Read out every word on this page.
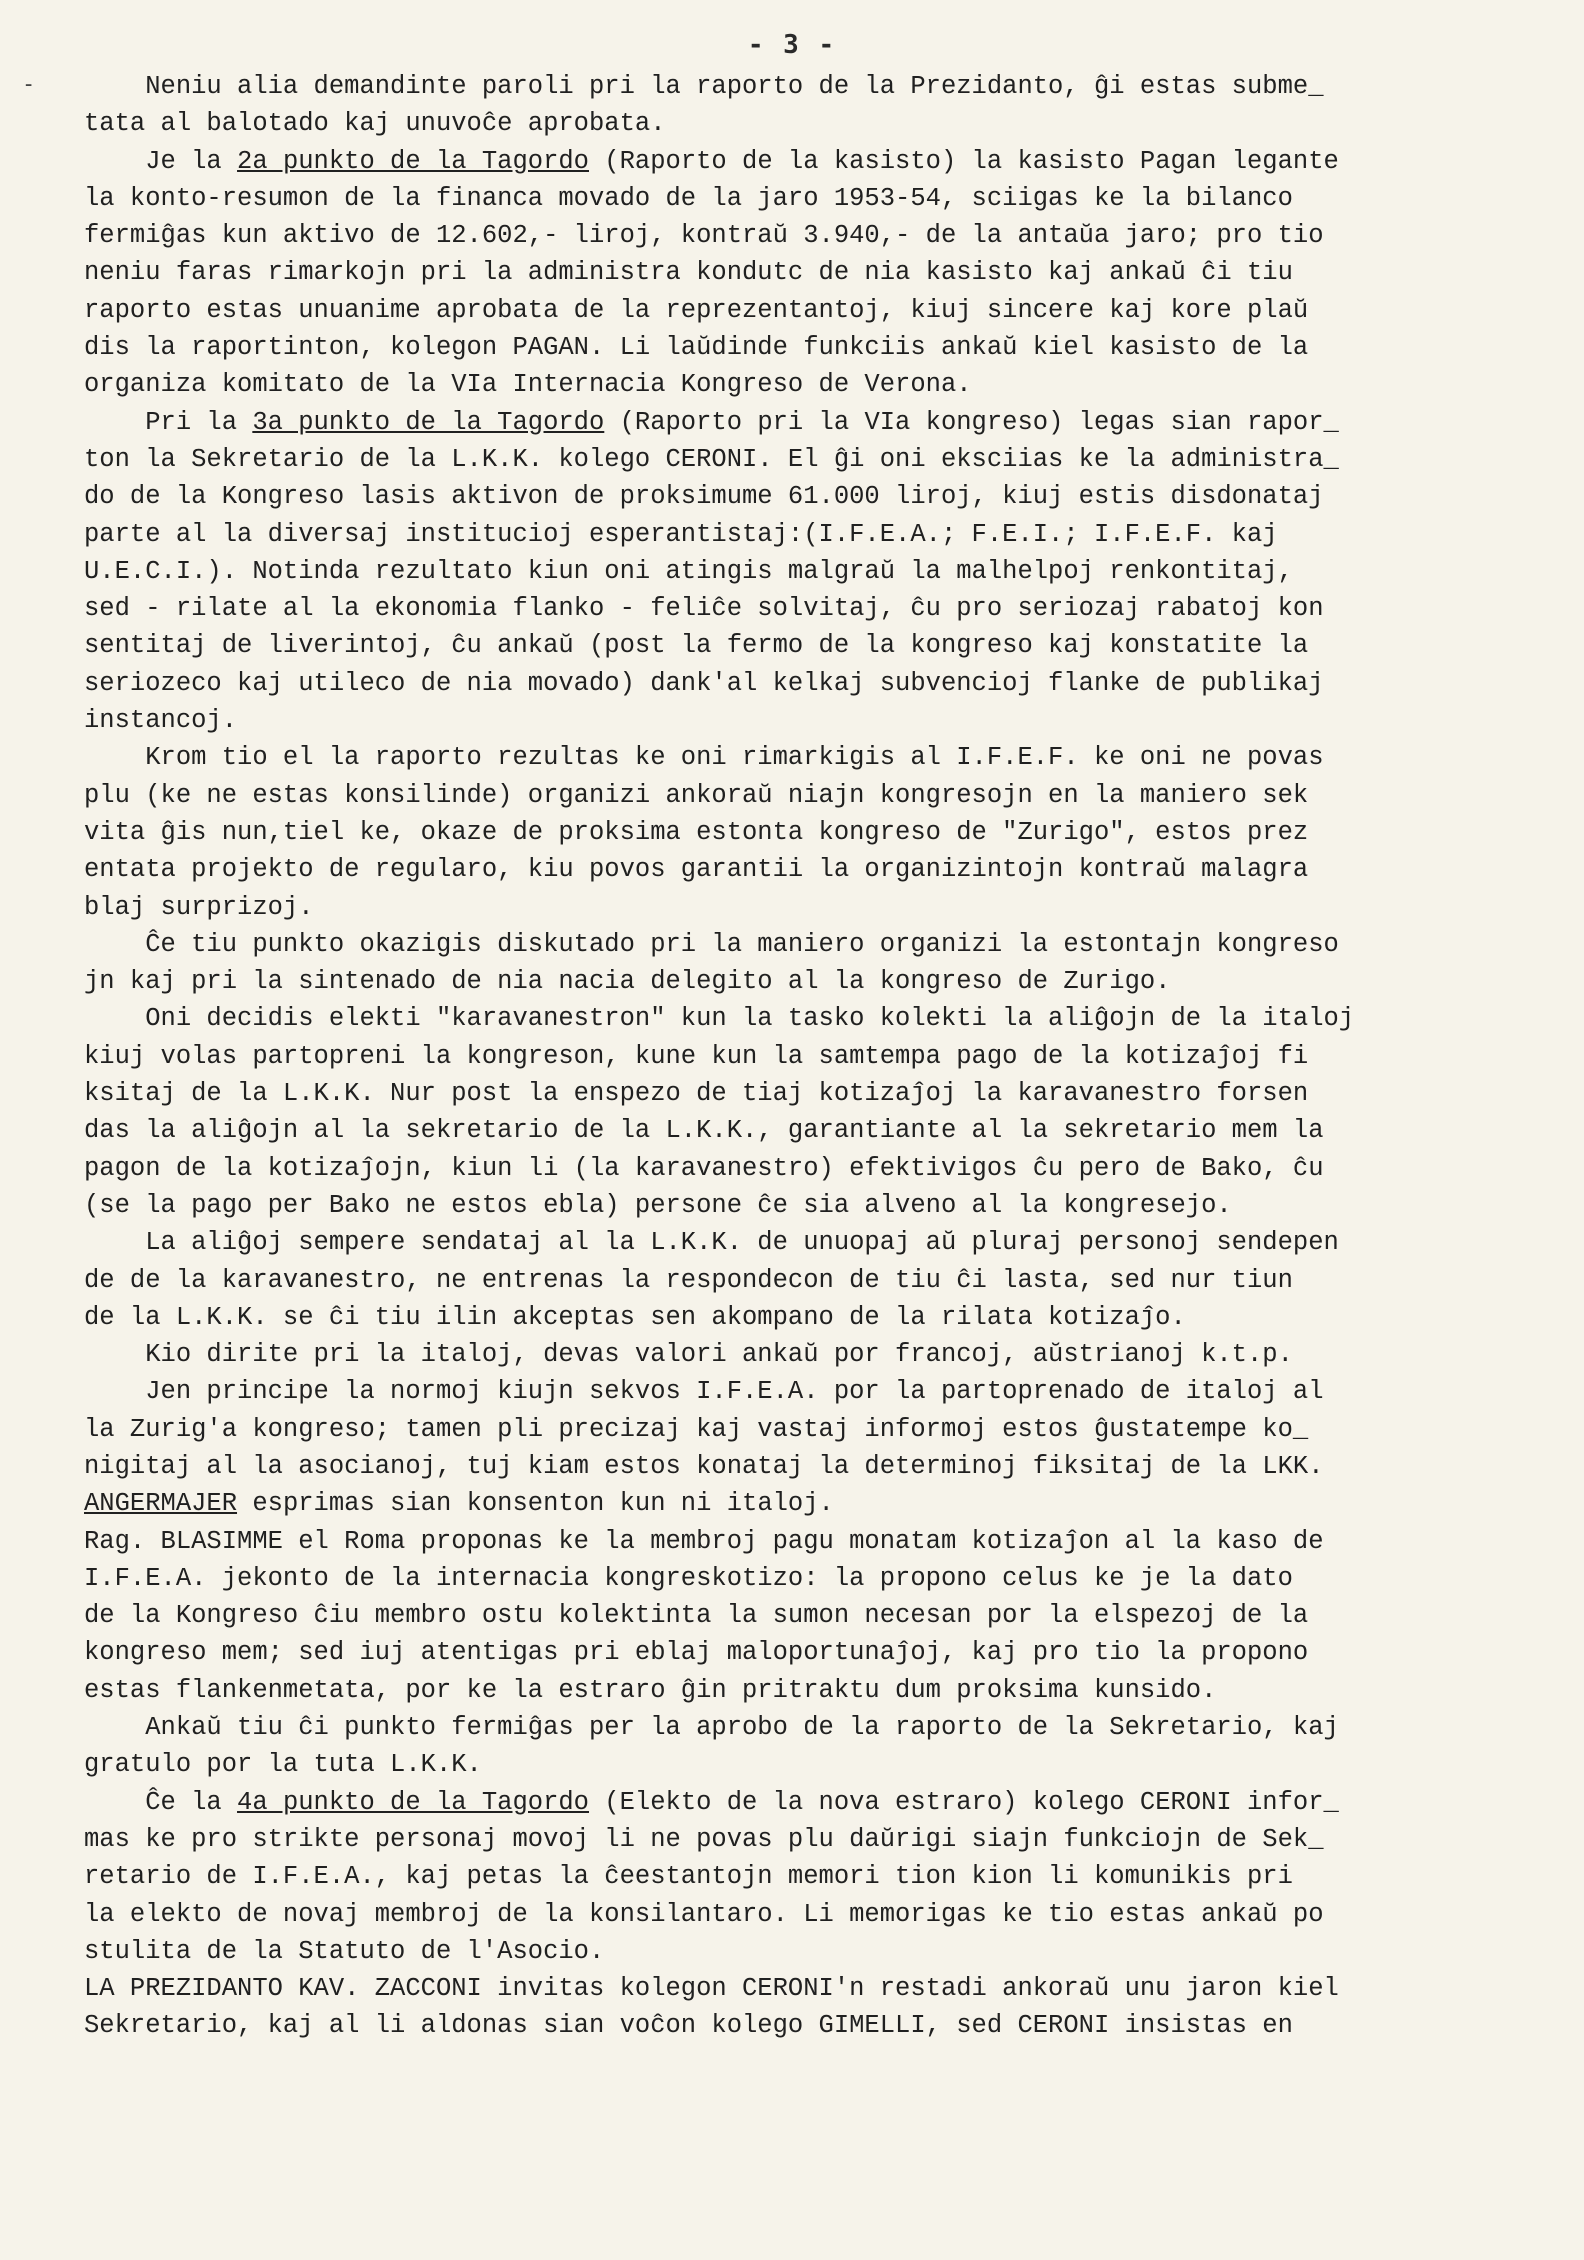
- 3 -
- Neniu alia demandinte paroli pri la raporto de la Prezidanto, ĝi estas subme_
tata al balotado kaj unuvoĉe aprobata.
Je la 2a punkto de la Tagordo (Raporto de la kasisto) la kasisto Pagan legante
la konto-resumon de la financa movado de la jaro 1953-54, sciigas ke la bilanco
fermiĝas kun aktivo de 12.602,- liroj, kontraŭ 3.940,- de la antaŭa jaro; pro tio
neniu faras rimarkojn pri la administra kondutc de nia kasisto kaj ankaŭ ĉi tiu
raporto estas unuanime aprobata de la reprezentantoj, kiuj sincere kaj kore plaŭ
dis la raportinton, kolegon PAGAN. Li laŭdinde funkciis ankaŭ kiel kasisto de la
organiza komitato de la VIa Internacia Kongreso de Verona.
Pri la 3a punkto de la Tagordo (Raporto pri la VIa kongreso) legas sian rapor_
ton la Sekretario de la L.K.K. kolego CERONI. El ĝi oni eksciias ke la administra_
do de la Kongreso lasis aktivon de proksimume 61.000 liroj, kiuj estis disdonataj
parte al la diversaj institucioj esperantistaj:(I.F.E.A.; F.E.I.; I.F.E.F. kaj
U.E.C.I.). Notinda rezultato kiun oni atingis malgraŭ la malhelpoj renkontitaj,
sed - rilate al la ekonomia flanko - feliĉe solvitaj, ĉu pro seriozaj rabatoj kon
sentitaj de liverintoj, ĉu ankaŭ (post la fermo de la kongreso kaj konstatite la
seriozeco kaj utileco de nia movado) dank'al kelkaj subvencioj flanke de publikaj
instancoj.
Krom tio el la raporto rezultas ke oni rimarkigis al I.F.E.F. ke oni ne povas
plu (ke ne estas konsilinde) organizi ankoraŭ niajn kongresojn en la maniero sek
vita ĝis nun,tiel ke, okaze de proksima estonta kongreso de "Zurigo", estos prez
entata projekto de regularo, kiu povos garantii la organizintojn kontraŭ malagra
blaj surprizoj.
Ĉe tiu punkto okazigis diskutado pri la maniero organizi la estontajn kongreso
jn kaj pri la sintenado de nia nacia delegito al la kongreso de Zurigo.
Oni decidis elekti "karavanestron" kun la tasko kolekti la aliĝojn de la italoj
kiuj volas partopreni la kongreson, kune kun la samtempa pago de la kotizaĵoj fi
ksitaj de la L.K.K. Nur post la enspezo de tiaj kotizaĵoj la karavanestro forsen
das la aliĝojn al la sekretario de la L.K.K., garantiante al la sekretario mem la
pagon de la kotizaĵojn, kiun li (la karavanestro) efektivigos ĉu pero de Bako, ĉu
(se la pago per Bako ne estos ebla) persone ĉe sia alveno al la kongresejo.
La aliĝoj sempere sendataj al la L.K.K. de unuopaj aŭ pluraj personoj sendepen
de de la karavanestro, ne entrenas la respondecon de tiu ĉi lasta, sed nur tiun
de la L.K.K. se ĉi tiu ilin akceptas sen akompano de la rilata kotizaĵo.
Kio dirite pri la italoj, devas valori ankaŭ por francoj, aŭstrianoj k.t.p.
Jen principe la normoj kiujn sekvos I.F.E.A. por la partoprenado de italoj al
la Zurig'a kongreso; tamen pli precizaj kaj vastaj informoj estos ĝustatempe ko_
nigitaj al la asocianoj, tuj kiam estos konataj la determinoj fiksitaj de la LKK.
ANGERMAJER esprimas sian konsenton kun ni italoj.
Rag. BLASIMME el Roma proponas ke la membroj pagu monatam kotizaĵon al la kaso de
I.F.E.A. jekonto de la internacia kongreskotizo: la propono celus ke je la dato
de la Kongreso ĉiu membro ostu kolektinta la sumon necesan por la elspezoj de la
kongreso mem; sed iuj atentigas pri eblaj maloportunaĵoj, kaj pro tio la propono
estas flankenmetata, por ke la estraro ĝin pritraktu dum proksima kunsido.
Ankaŭ tiu ĉi punkto fermiĝas per la aprobo de la raporto de la Sekretario, kaj
gratulo por la tuta L.K.K.
Ĉe la 4a punkto de la Tagordo (Elekto de la nova estraro) kolego CERONI infor_
mas ke pro strikte personaj movoj li ne povas plu daŭrigi siajn funkciojn de Sek_
retario de I.F.E.A., kaj petas la ĉeestantojn memori tion kion li komunikis pri
la elekto de novaj membroj de la konsilantaro. Li memorigas ke tio estas ankaŭ po
stulita de la Statuto de l'Asocio.
LA PREZIDANTO KAV. ZACCONI invitas kolegon CERONI'n restadi ankoraŭ unu jaron kiel
Sekretario, kaj al li aldonas sian voĉon kolego GIMELLI, sed CERONI insistas en
